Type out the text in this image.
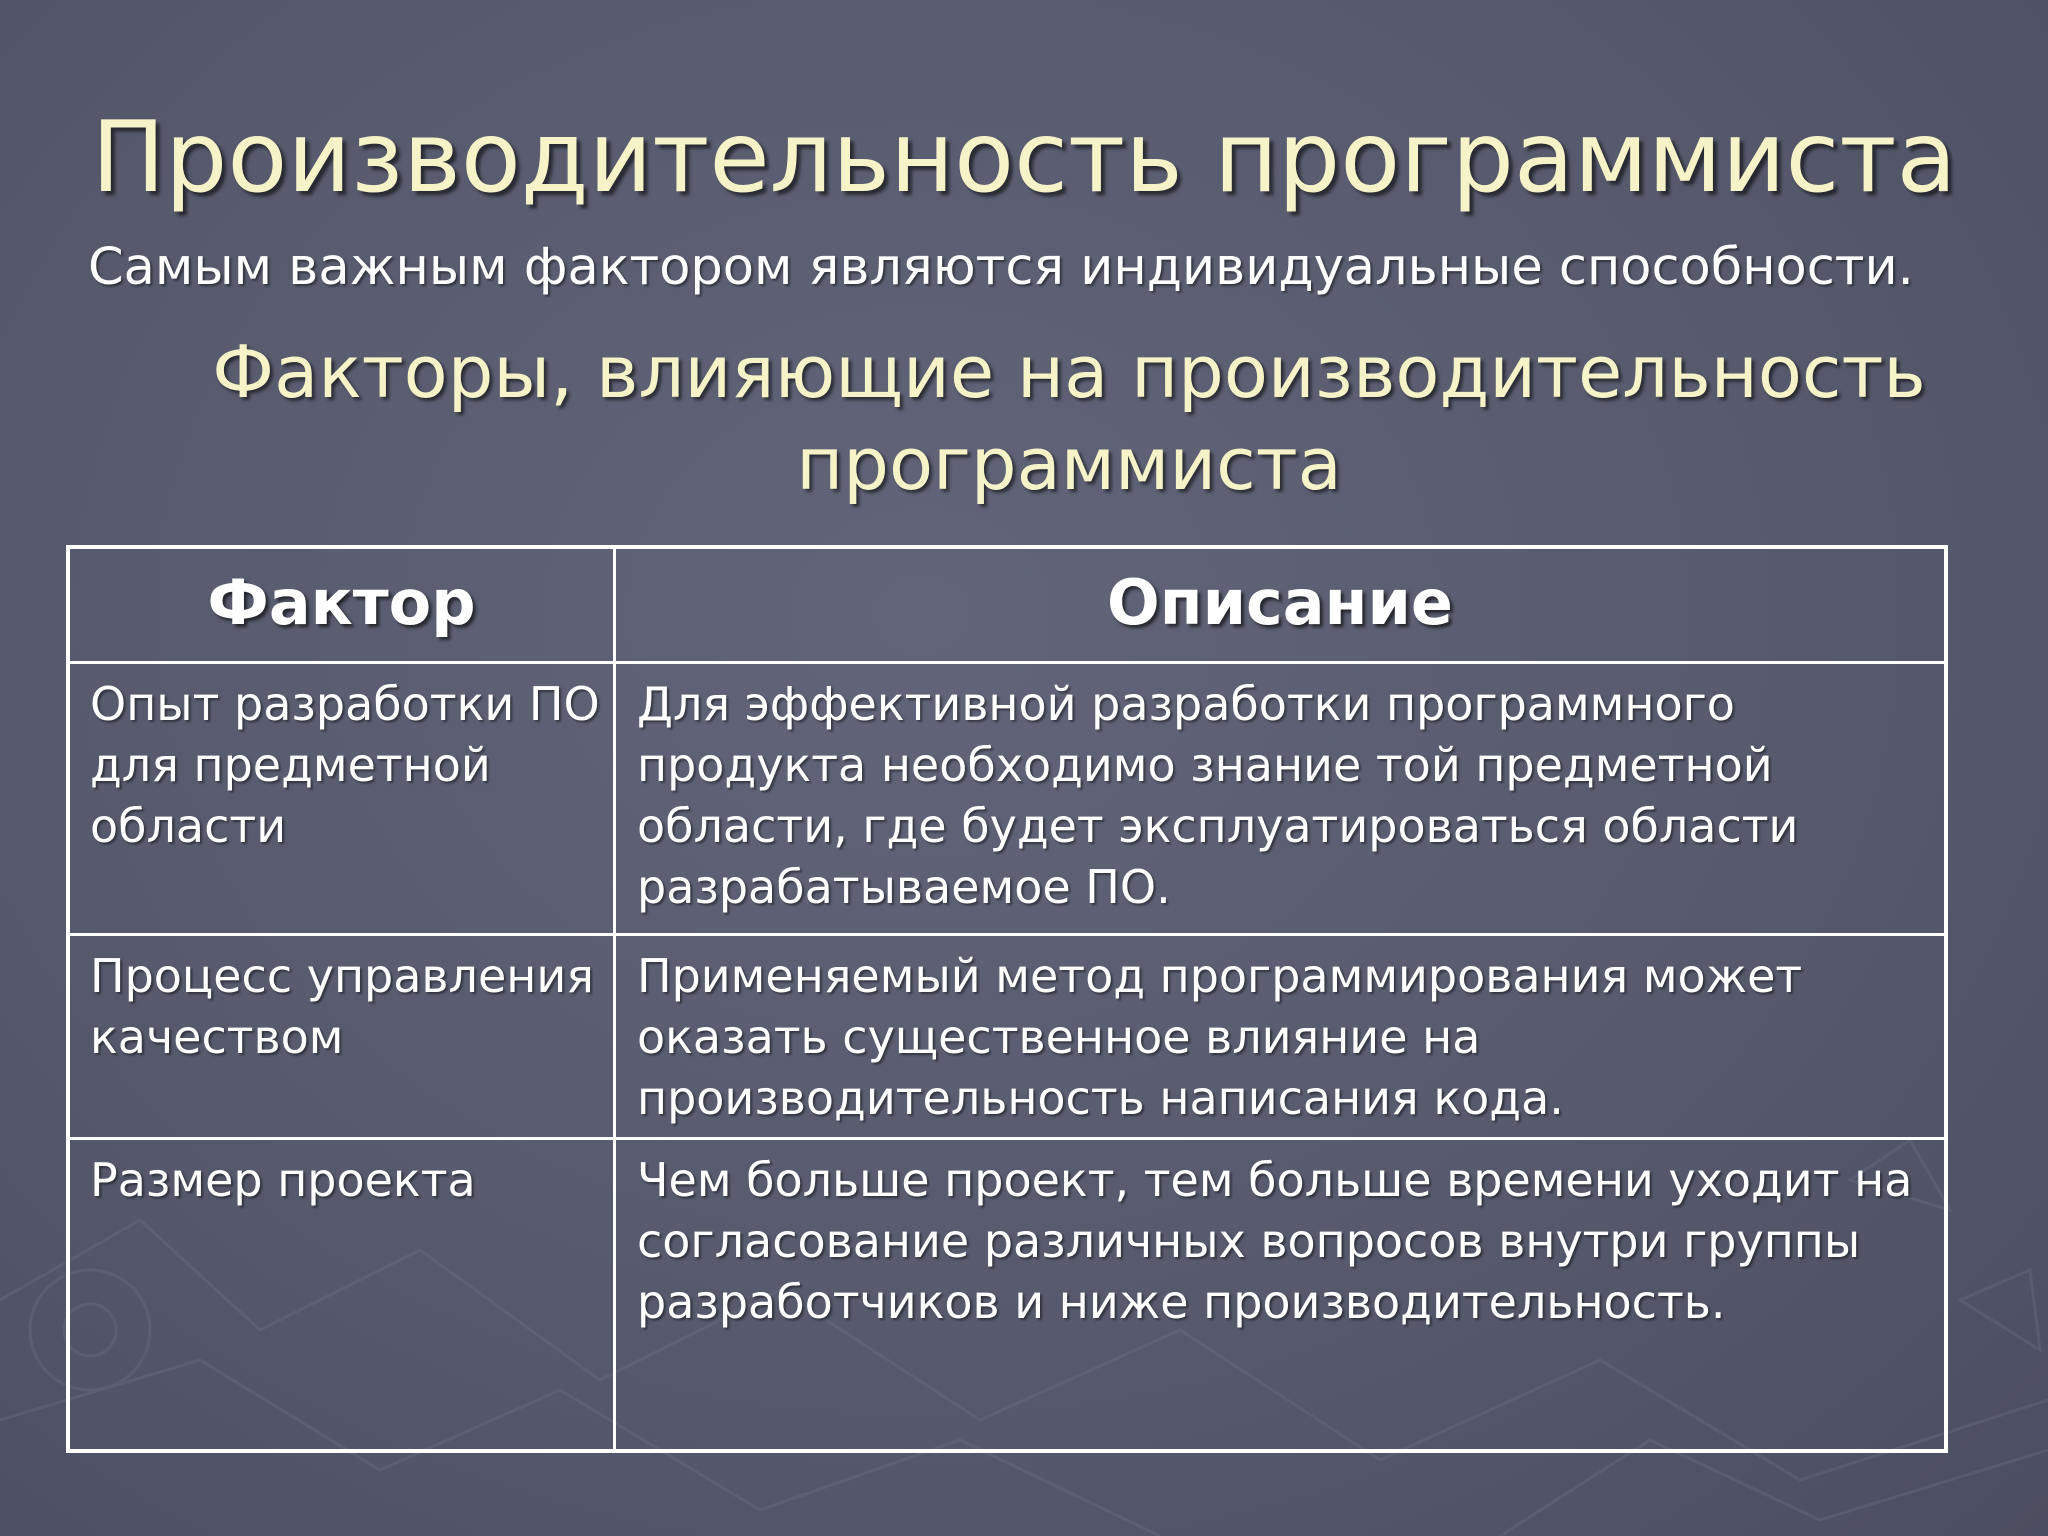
Производительность программиста
Самым важным фактором являются индивидуальные способности.
Факторы, влияющие на производительность
программиста
Фактор	Описание
Опыт разработки ПО для предметной области
Для эффективной разработки программного продукта необходимо знание той предметной области, где будет эксплуатироваться области разрабатываемое ПО.
Процесс управления качеством
Применяемый метод программирования может оказать существенное влияние на производительность написания кода.
Размер проекта	Чем больше проект, тем больше времени уходит на согласование различных вопросов внутри группы разработчиков и ниже производительность.
